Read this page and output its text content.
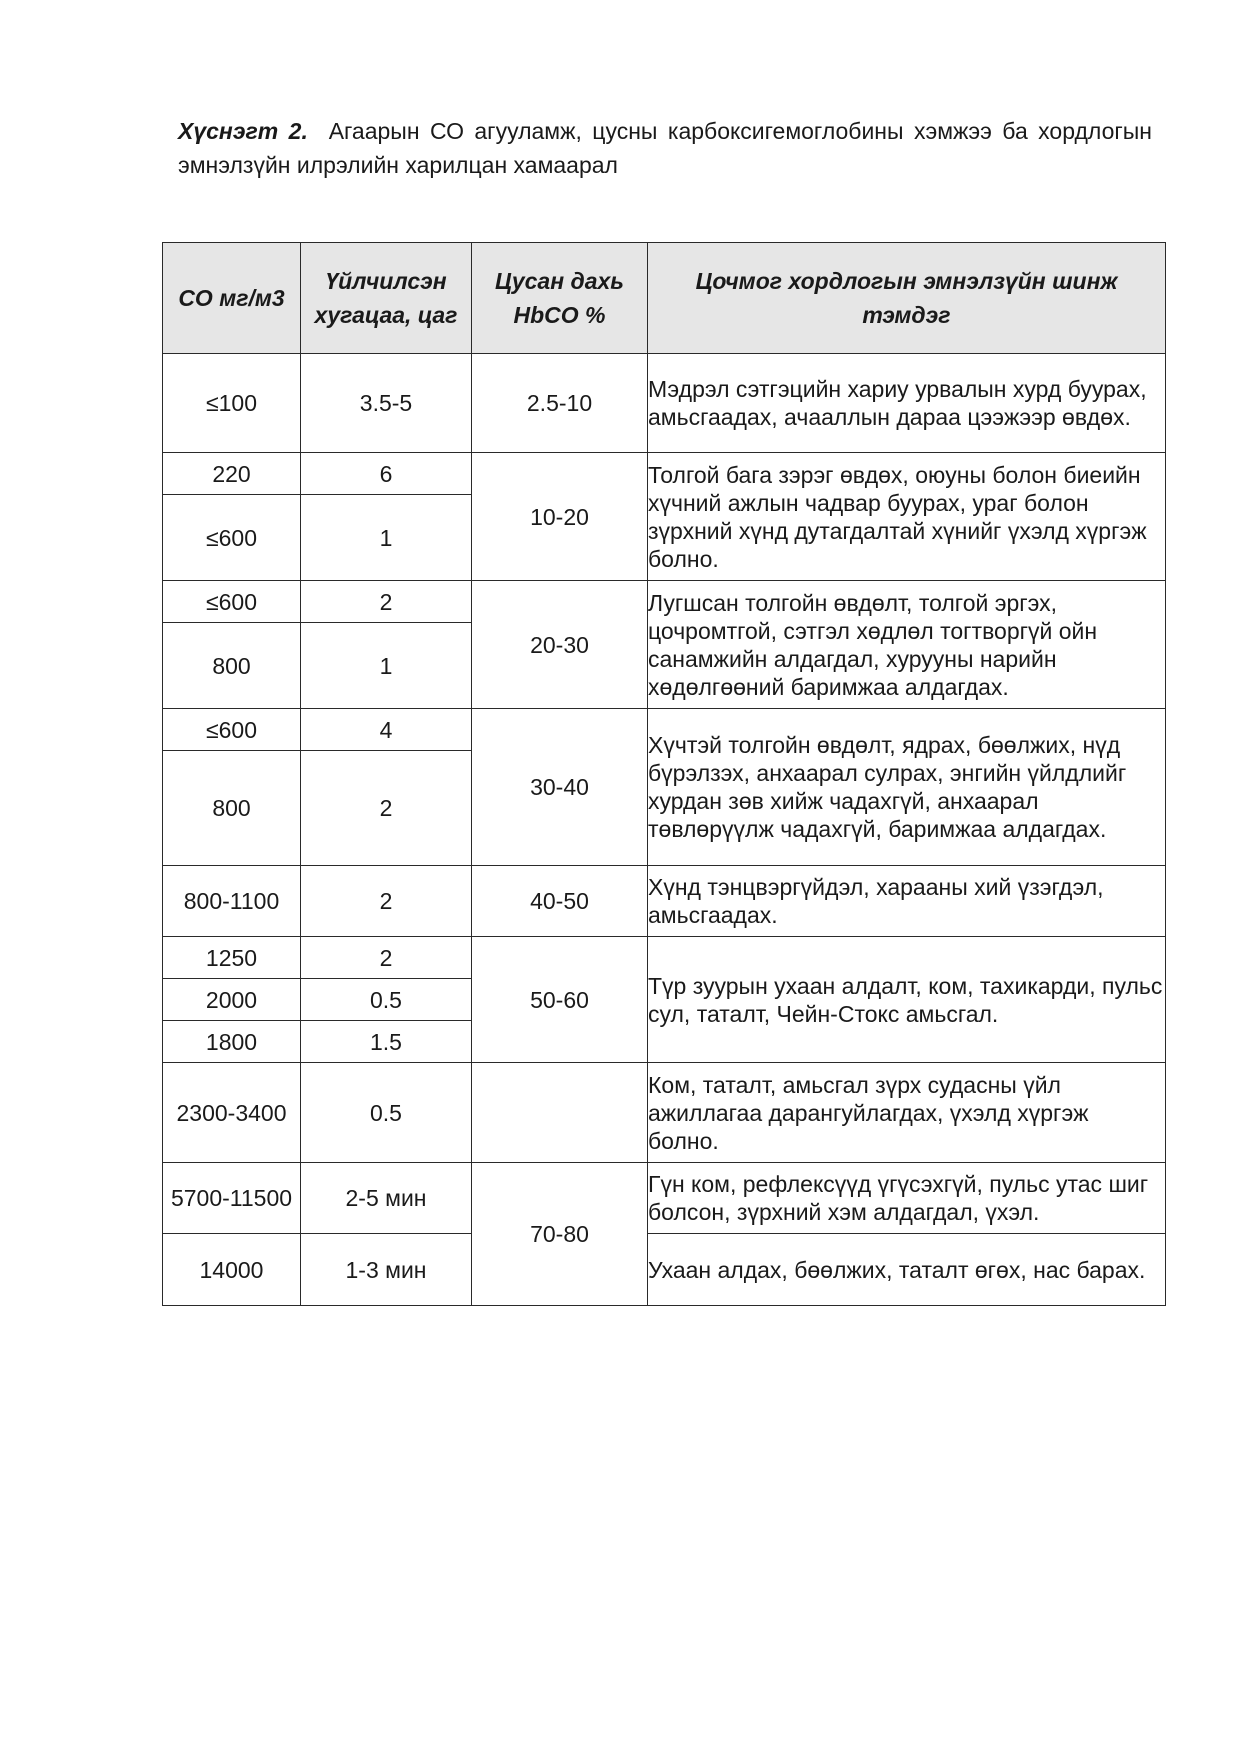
Хүснэгт 2. Агаарын СО агууламж, цусны карбоксигемоглобины хэмжээ ба хордлогын эмнэлзүйн илрэлийн харилцан хамаарал
СО мг/м3	Үйлчилсэн хугацаа, цаг	Цусан дахь HbCO %	Цочмог хордлогын эмнэлзүйн шинж тэмдэг
≤100	3.5-5	2.5-10	Мэдрэл сэтгэцийн хариу урвалын хурд буурах, амьсгаадах, ачааллын дараа цээжээр өвдөх.
220	6	10-20	Толгой бага зэрэг өвдөх, оюуны болон биеийн хүчний ажлын чадвар буурах, ураг болон зүрхний хүнд дутагдалтай хүнийг үхэлд хүргэж болно.
≤600	1		
≤600	2	20-30	Лугшсан толгойн өвдөлт, толгой эргэх, цочромтгой, сэтгэл хөдлөл тогтворгүй ойн санамжийн алдагдал, хурууны нарийн хөдөлгөөний баримжаа алдагдах.
800	1		
≤600	4	30-40	Хүчтэй толгойн өвдөлт, ядрах, бөөлжих, нүд бүрэлзэх, анхаарал сулрах, энгийн үйлдлийг хурдан зөв хийж чадахгүй, анхаарал төвлөрүүлж чадахгүй, баримжаа алдагдах.
800	2		
800-1100	2	40-50	Хүнд тэнцвэргүйдэл, харааны хий үзэгдэл, амьсгаадах.
1250	2	50-60	Түр зуурын ухаан алдалт, ком, тахикарди, пульс сул, таталт, Чейн-Стокс амьсгал.
2000	0.5		
1800	1.5		
2300-3400	0.5		Ком, таталт, амьсгал зүрх судасны үйл ажиллагаа дарангуйлагдах, үхэлд хүргэж болно.
5700-11500	2-5 мин	70-80	Гүн ком, рефлексүүд үгүсэхгүй, пульс утас шиг болсон, зүрхний хэм алдагдал, үхэл.
14000	1-3 мин		Ухаан алдах, бөөлжих, таталт өгөх, нас барах.
